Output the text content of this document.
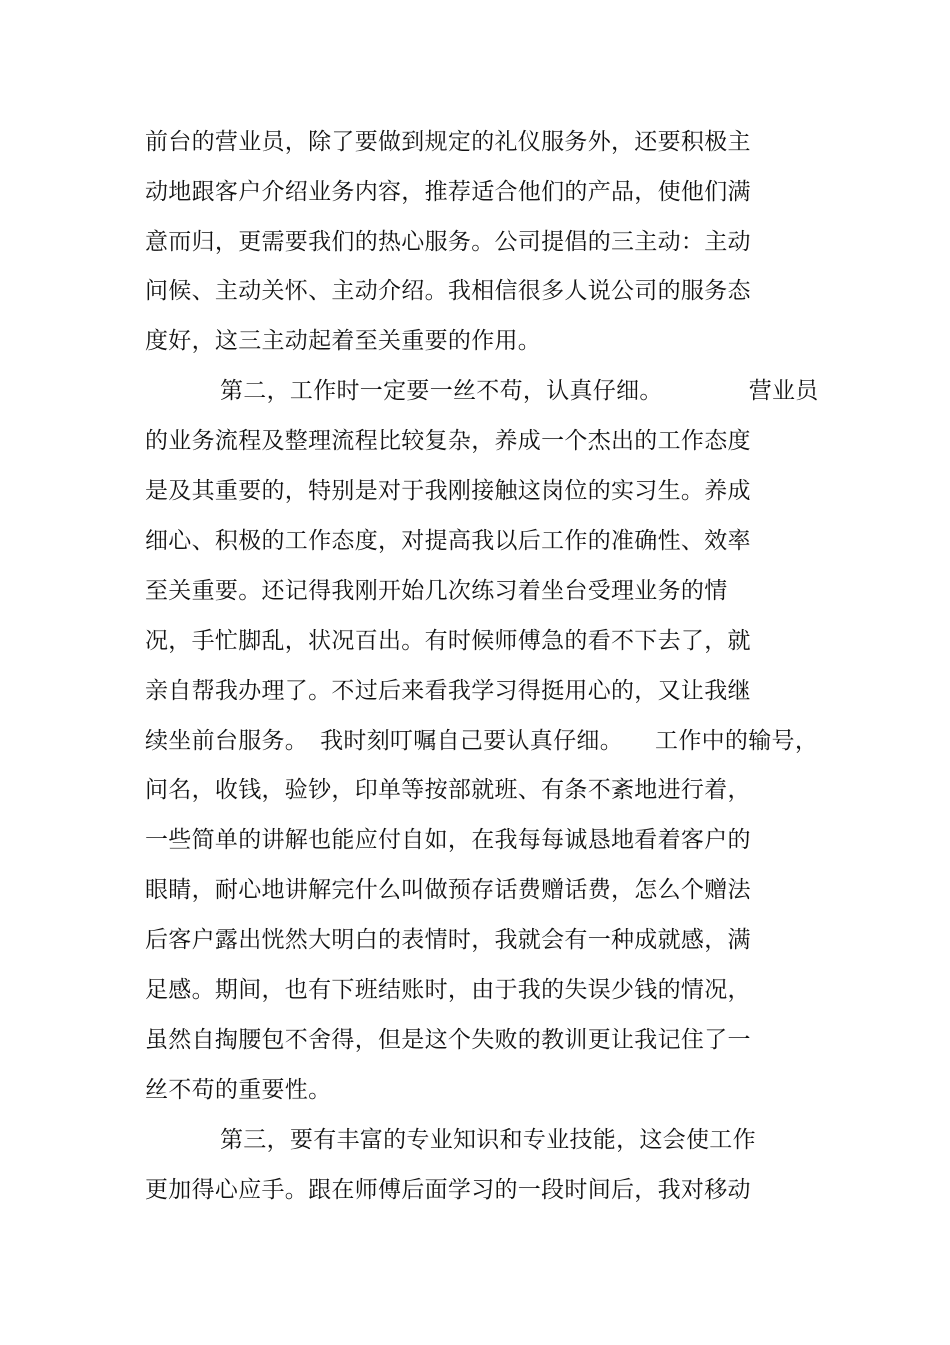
前台的营业员，除了要做到规定的礼仪服务外，还要积极主
动地跟客户介绍业务内容，推荐适合他们的产品，使他们满
意而归，更需要我们的热心服务。公司提倡的三主动：主动
问候、主动关怀、主动介绍。我相信很多人说公司的服务态
度好，这三主动起着至关重要的作用。
第二，工作时一定要一丝不苟，认真仔细。	营业员
的业务流程及整理流程比较复杂，养成一个杰出的工作态度
是及其重要的，特别是对于我刚接触这岗位的实习生。养成
细心、积极的工作态度，对提高我以后工作的准确性、效率
至关重要。还记得我刚开始几次练习着坐台受理业务的情
况，手忙脚乱，状况百出。有时候师傅急的看不下去了，就
亲自帮我办理了。不过后来看我学习得挺用心的，又让我继
续坐前台服务。 我时刻叮嘱自己要认真仔细。 工作中的输号，
问名，收钱，验钞，印单等按部就班、有条不紊地进行着，
一些简单的讲解也能应付自如，在我每每诚恳地看着客户的
眼睛，耐心地讲解完什么叫做预存话费赠话费，怎么个赠法
后客户露出恍然大明白的表情时，我就会有一种成就感，满
足感。期间，也有下班结账时，由于我的失误少钱的情况，
虽然自掏腰包不舍得，但是这个失败的教训更让我记住了一
丝不苟的重要性。
第三，要有丰富的专业知识和专业技能，这会使工作
更加得心应手。跟在师傅后面学习的一段时间后，我对移动
